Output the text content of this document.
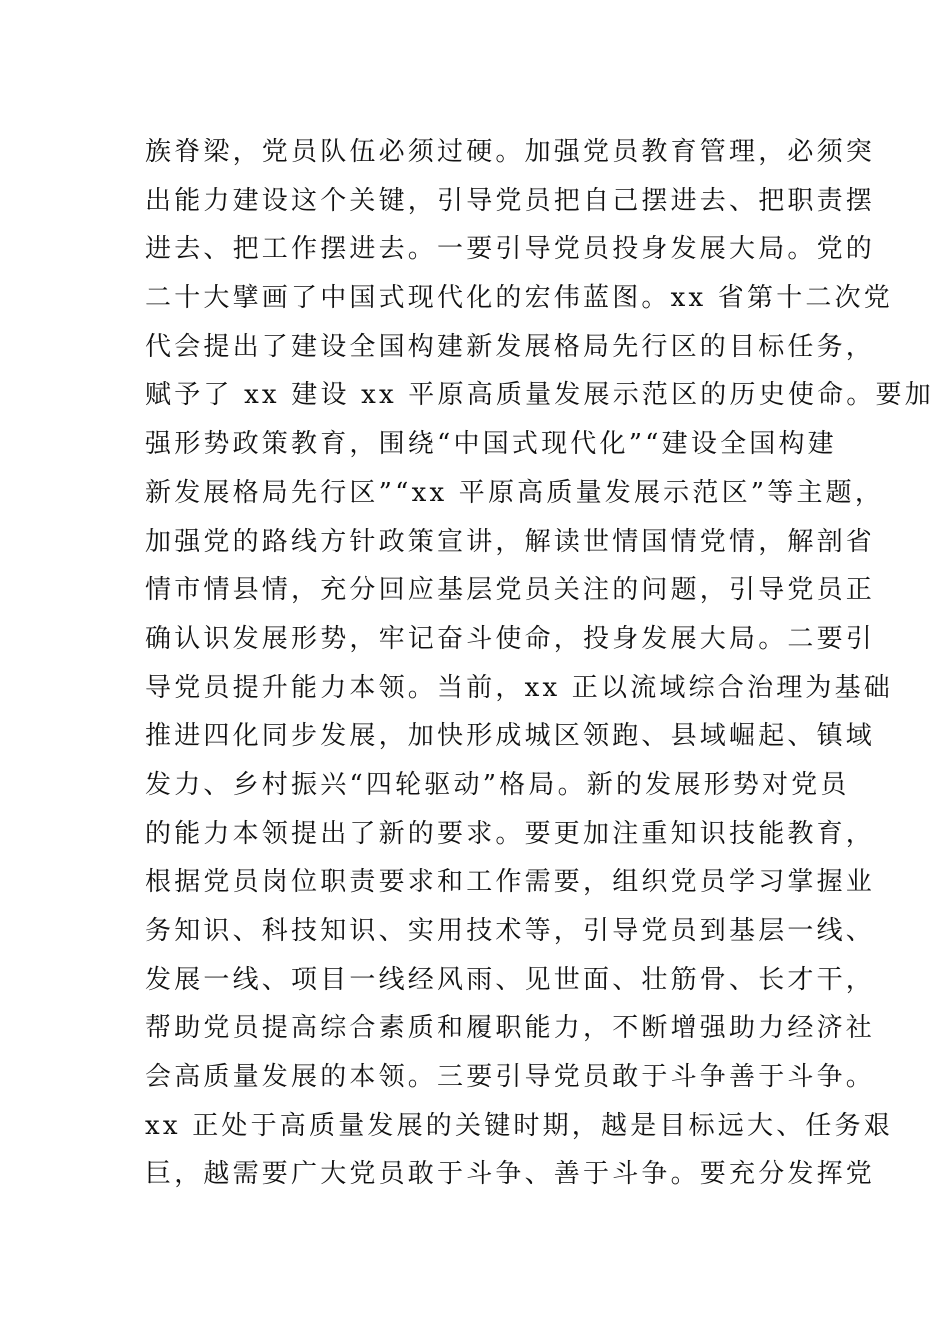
族脊梁，党员队伍必须过硬。加强党员教育管理，必须突
出能力建设这个关键，引导党员把自己摆进去、把职责摆
进去、把工作摆进去。一要引导党员投身发展大局。党的
二十大擘画了中国式现代化的宏伟蓝图。xx 省第十二次党
代会提出了建设全国构建新发展格局先行区的目标任务，
赋予了 xx 建设 xx 平原高质量发展示范区的历史使命。要加
强形势政策教育，围绕“中国式现代化”“建设全国构建
新发展格局先行区”“xx 平原高质量发展示范区”等主题，
加强党的路线方针政策宣讲，解读世情国情党情，解剖省
情市情县情，充分回应基层党员关注的问题，引导党员正
确认识发展形势，牢记奋斗使命，投身发展大局。二要引
导党员提升能力本领。当前，xx 正以流域综合治理为基础
推进四化同步发展，加快形成城区领跑、县域崛起、镇域
发力、乡村振兴“四轮驱动”格局。新的发展形势对党员
的能力本领提出了新的要求。要更加注重知识技能教育，
根据党员岗位职责要求和工作需要，组织党员学习掌握业
务知识、科技知识、实用技术等，引导党员到基层一线、
发展一线、项目一线经风雨、见世面、壮筋骨、长才干，
帮助党员提高综合素质和履职能力，不断增强助力经济社
会高质量发展的本领。三要引导党员敢于斗争善于斗争。
xx 正处于高质量发展的关键时期，越是目标远大、任务艰
巨，越需要广大党员敢于斗争、善于斗争。要充分发挥党
